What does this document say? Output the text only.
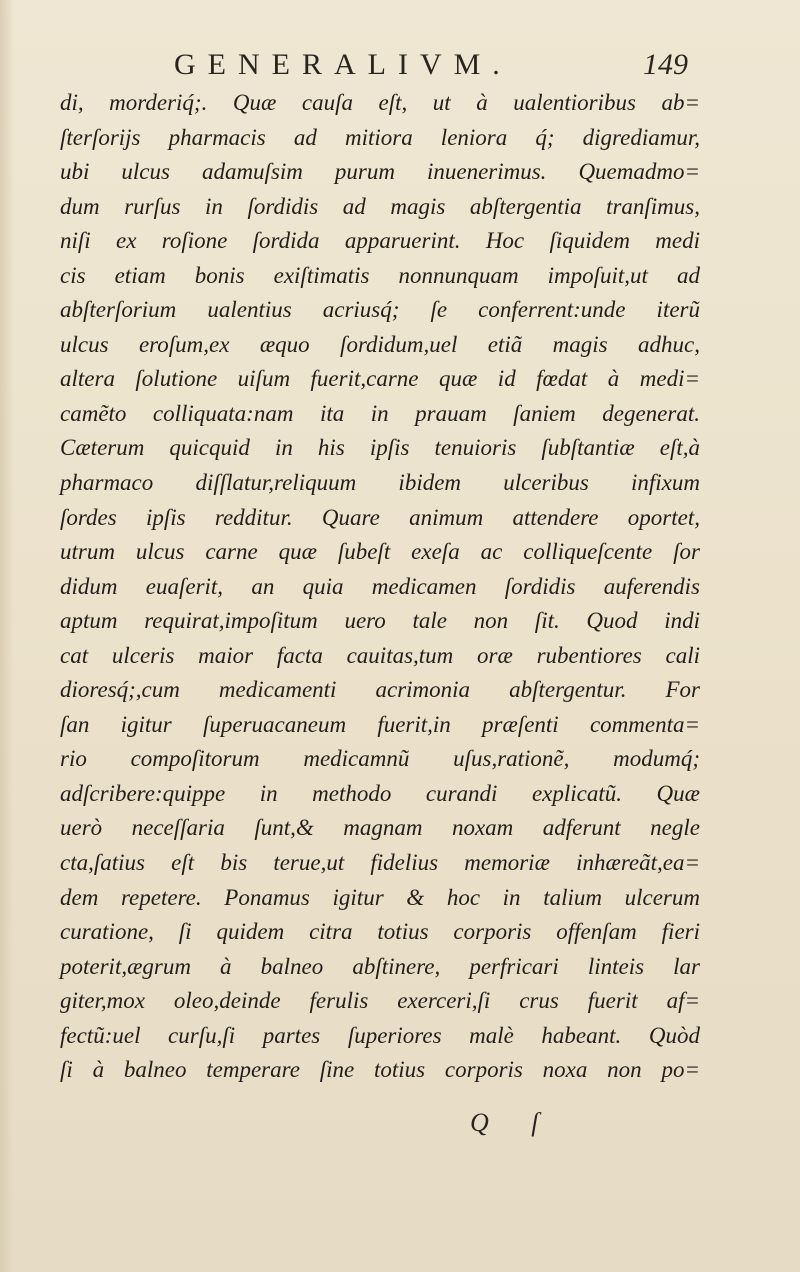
GENERALIVM.	149
di, morderiq́;. Quæ cauſa eſt, ut à ualentioribus ab=
ſterſorijs pharmacis ad mitiora leniora q́; digrediamur,
ubi ulcus adamuſsim purum inuenerimus. Quemadmo=
dum rurſus in ſordidis ad magis abſtergentia tranſimus,
niſi ex roſione ſordida apparuerint. Hoc ſiquidem medi
cis etiam bonis exiſtimatis nonnunquam impoſuit,ut ad
abſterſorium ualentius acriusq́; ſe conferrent:unde iterũ
ulcus eroſum,ex æquo ſordidum,uel etiã magis adhuc,
altera ſolutione uiſum fuerit,carne quæ id fœdat à medi=
camẽto colliquata:nam ita in prauam ſaniem degenerat.
Cæterum quicquid in his ipſis tenuioris ſubſtantiæ eſt,à
pharmaco diſſlatur,reliquum ibidem ulceribus infixum
ſordes ipſis redditur. Quare animum attendere oportet,
utrum ulcus carne quæ ſubeſt exeſa ac colliqueſcente ſor
didum euaſerit, an quia medicamen ſordidis auferendis
aptum requirat,impoſitum uero tale non ſit. Quod indi
cat ulceris maior facta cauitas,tum oræ rubentiores cali
dioresq́;,cum medicamenti acrimonia abſtergentur. For
ſan igitur ſuperuacaneum fuerit,in præſenti commenta=
rio compoſitorum medicamnũ uſus,rationẽ, modumq́;
adſcribere:quippe in methodo curandi explicatũ. Quæ
uerò neceſſaria ſunt,& magnam noxam adferunt negle
cta,ſatius eſt bis terue,ut fidelius memoriæ inhæreãt,ea=
dem repetere. Ponamus igitur & hoc in talium ulcerum
curatione, ſi quidem citra totius corporis offenſam fieri
poterit,ægrum à balneo abſtinere, perfricari linteis lar
giter,mox oleo,deinde ferulis exerceri,ſi crus fuerit af=
fectũ:uel curſu,ſi partes ſuperiores malè habeant. Quòd
ſi à balneo temperare ſine totius corporis noxa non po=
Q ſ
